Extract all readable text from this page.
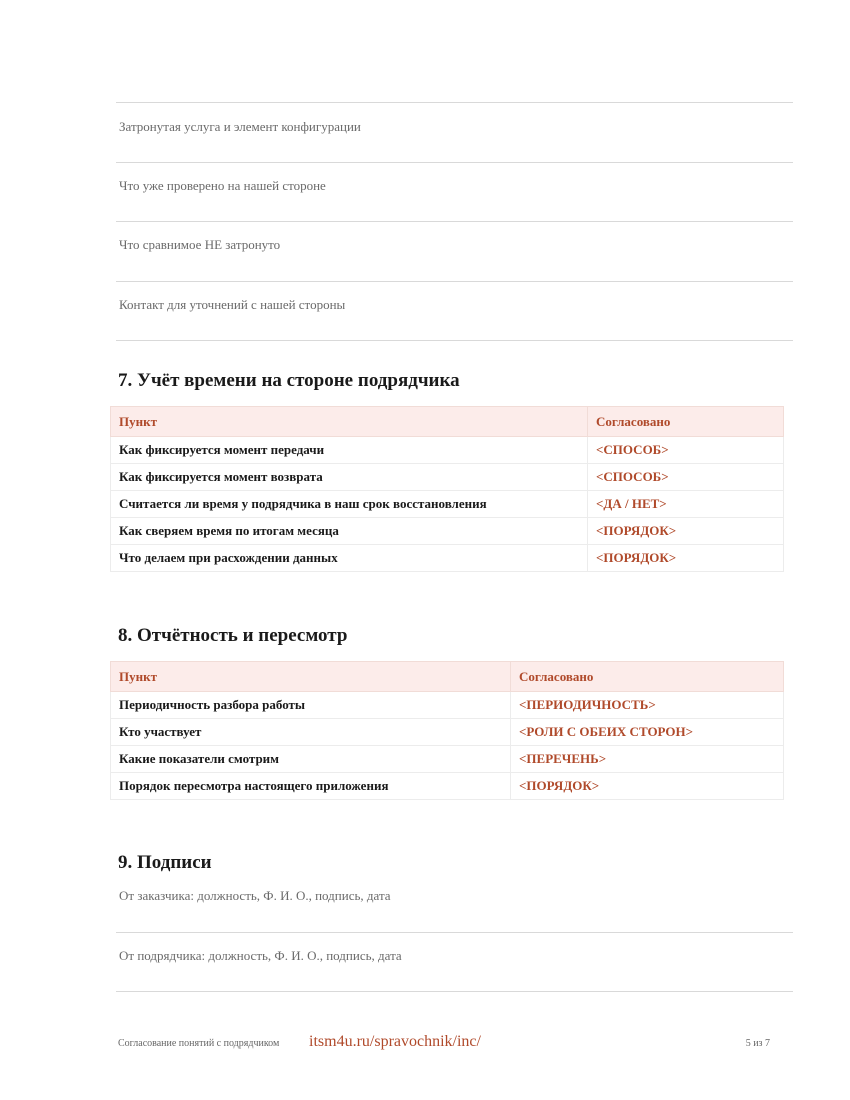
Затронутая услуга и элемент конфигурации
Что уже проверено на нашей стороне
Что сравнимое НЕ затронуто
Контакт для уточнений с нашей стороны
7. Учёт времени на стороне подрядчика
Пункт	Согласовано
Как фиксируется момент передачи	<СПОСОБ>
Как фиксируется момент возврата	<СПОСОБ>
Считается ли время у подрядчика в наш срок восстановления	<ДА / НЕТ>
Как сверяем время по итогам месяца	<ПОРЯДОК>
Что делаем при расхождении данных	<ПОРЯДОК>
8. Отчётность и пересмотр
Пункт	Согласовано
Периодичность разбора работы	<ПЕРИОДИЧНОСТЬ>
Кто участвует	<РОЛИ С ОБЕИХ СТОРОН>
Какие показатели смотрим	<ПЕРЕЧЕНЬ>
Порядок пересмотра настоящего приложения	<ПОРЯДОК>
9. Подписи
От заказчика: должность, Ф. И. О., подпись, дата
От подрядчика: должность, Ф. И. О., подпись, дата
Согласование понятий с подрядчиком itsm4u.ru/spravochnik/inc/	5 из 7
